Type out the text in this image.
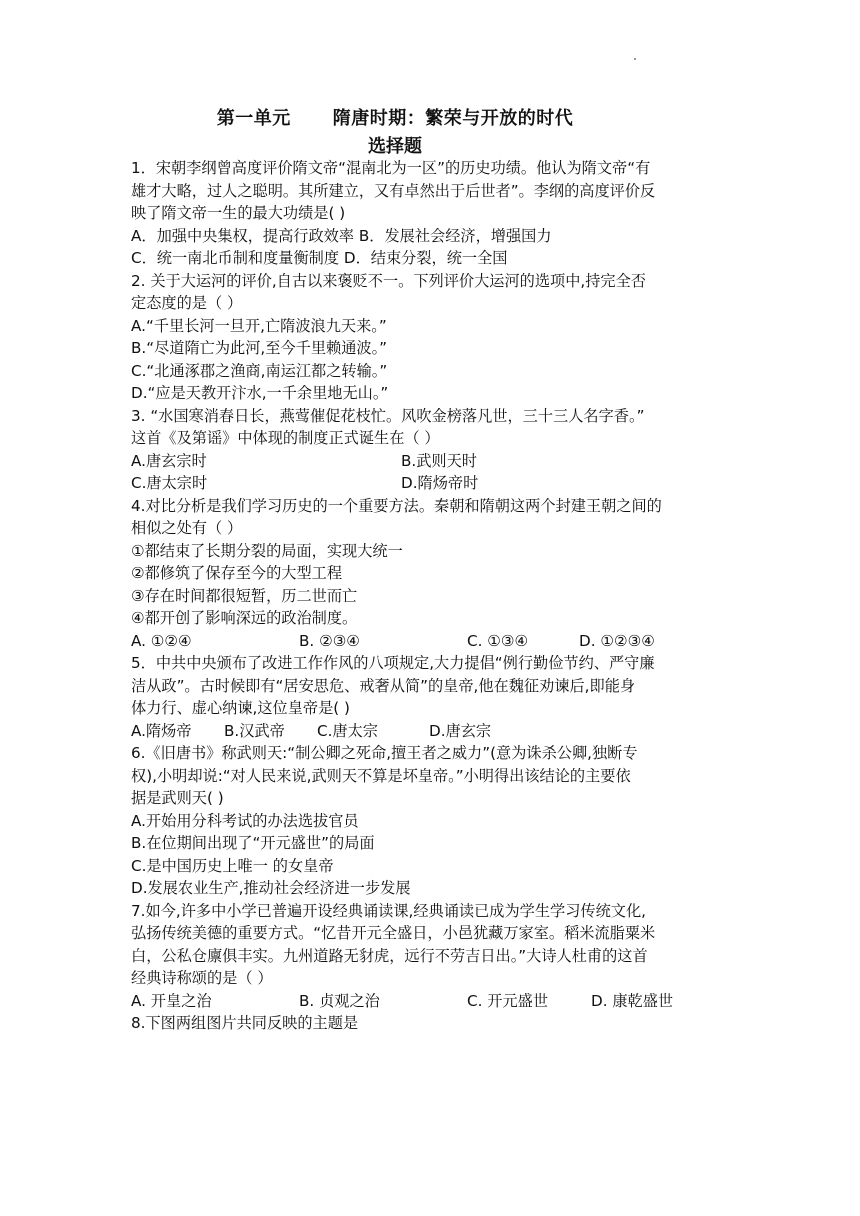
第一单元 隋唐时期：繁荣与开放的时代
选择题
1．宋朝李纲曾高度评价隋文帝“混南北为一区”的历史功绩。他认为隋文帝“有
雄才大略，过人之聪明。其所建立，又有卓然出于后世者”。李纲的高度评价反
映了隋文帝一生的最大功绩是( )
A．加强中央集权，提高行政效率 B．发展社会经济，增强国力
C．统一南北币制和度量衡制度 D．结束分裂，统一全国
2. 关于大运河的评价,自古以来褒贬不一。下列评价大运河的选项中,持完全否
定态度的是（ ）
A.“千里长河一旦开,亡隋波浪九天来。”
B.“尽道隋亡为此河,至今千里赖通波。”
C.“北通涿郡之渔商,南运江都之转输。”
D.“应是天教开汴水,一千余里地无山。”
3. “水国寒消春日长，燕莺催促花枝忙。风吹金榜落凡世，三十三人名字香。”
这首《及第谣》中体现的制度正式诞生在（ ）
A.唐玄宗时	B.武则天时
C.唐太宗时	D.隋炀帝时
4.对比分析是我们学习历史的一个重要方法。秦朝和隋朝这两个封建王朝之间的
相似之处有（ ）
①都结束了长期分裂的局面，实现大统一
②都修筑了保存至今的大型工程
③存在时间都很短暂，历二世而亡
④都开创了影响深远的政治制度。
A. ①②④	B. ②③④	C. ①③④	D. ①②③④
5．中共中央颁布了改进工作作风的八项规定,大力提倡“例行勤俭节约、严守廉
洁从政”。古时候即有“居安思危、戒奢从简”的皇帝,他在魏征劝谏后,即能身
体力行、虚心纳谏,这位皇帝是( )
A.隋炀帝 B.汉武帝 C.唐太宗	D.唐玄宗
6.《旧唐书》称武则天:“制公卿之死命,擅王者之威力”(意为诛杀公卿,独断专
权),小明却说:“对人民来说,武则天不算是坏皇帝。”小明得出该结论的主要依
据是武则天( )
A.开始用分科考试的办法选拔官员
B.在位期间出现了“开元盛世”的局面
C.是中国历史上唯一 的女皇帝
D.发展农业生产,推动社会经济进一步发展
7.如今,许多中小学已普遍开设经典诵读课,经典诵读已成为学生学习传统文化,
弘扬传统美德的重要方式。“忆昔开元全盛日，小邑犹藏万家室。稻米流脂粟米
白，公私仓廪俱丰实。九州道路无豺虎，远行不劳吉日出。”大诗人杜甫的这首
经典诗称颂的是（ ）
A. 开皇之治	B. 贞观之治	C. 开元盛世	D. 康乾盛世
8.下图两组图片共同反映的主题是
